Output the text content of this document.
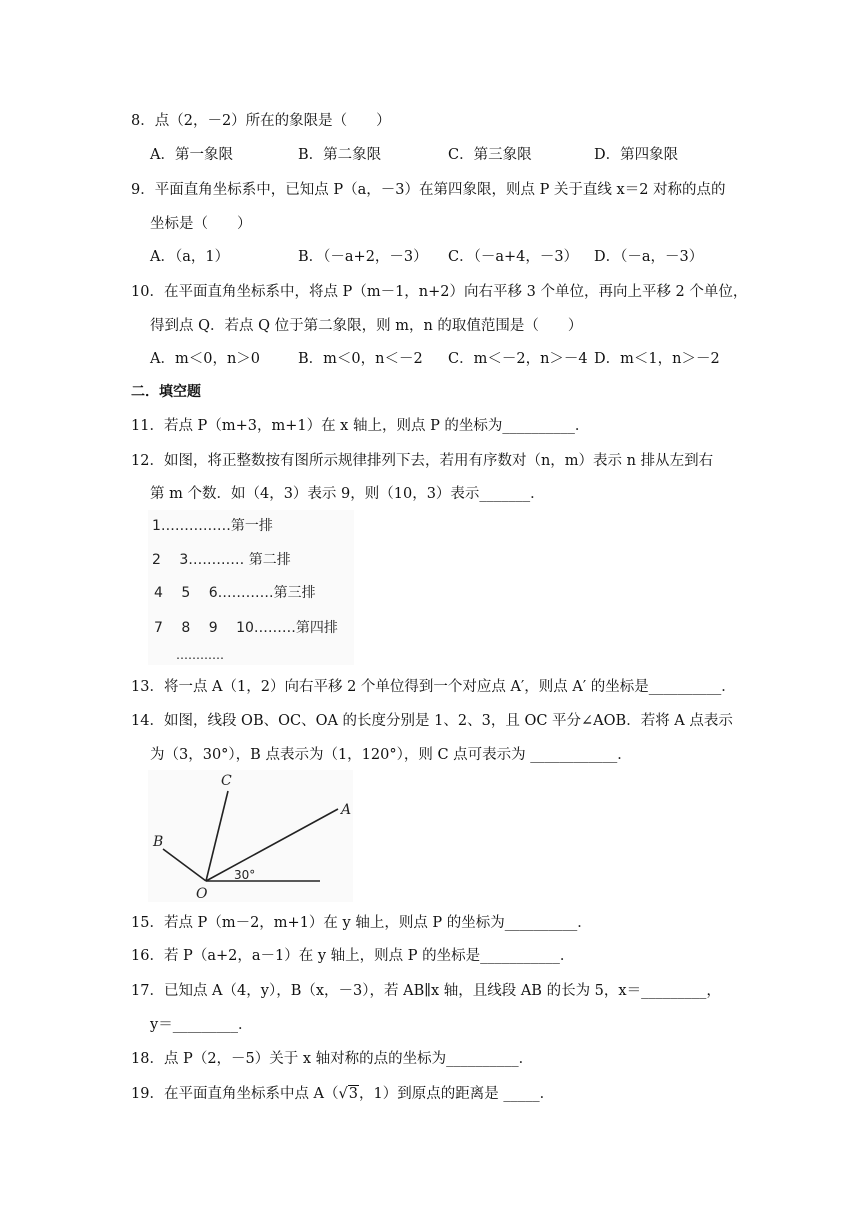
8．点（2，－2）所在的象限是（　　）
A．第一象限	B．第二象限	C．第三象限	D．第四象限
9．平面直角坐标系中，已知点 P（a，－3）在第四象限，则点 P 关于直线 x＝2 对称的点的
坐标是（　　）
A．（a，1）	B．（－a+2，－3） C．（－a+4，－3） D．（－a，－3）
10．在平面直角坐标系中，将点 P（m－1，n+2）向右平移 3 个单位，再向上平移 2 个单位，
得到点 Q．若点 Q 位于第二象限，则 m，n 的取值范围是（　　）
A．m＜0，n＞0	B．m＜0，n＜－2 C．m＜－2，n＞－4 D．m＜1，n＞－2
二．填空题
11．若点 P（m+3，m+1）在 x 轴上，则点 P 的坐标为__________．
12．如图，将正整数按有图所示规律排列下去，若用有序数对（n，m）表示 n 排从左到右
第 m 个数．如（4，3）表示 9，则（10，3）表示_______．
1……………第一排
2　 3………… 第二排
4　 5　 6…………第三排
7　 8　 9　 10………第四排
…………
13．将一点 A（1，2）向右平移 2 个单位得到一个对应点 A′，则点 A′ 的坐标是__________．
14．如图，线段 OB、OC、OA 的长度分别是 1、2、3，且 OC 平分∠AOB．若将 A 点表示
为（3，30°），B 点表示为（1，120°），则 C 点可表示为 ____________．
C
A
B
O
30°
15．若点 P（m－2，m+1）在 y 轴上，则点 P 的坐标为__________．
16．若 P（a+2，a－1）在 y 轴上，则点 P 的坐标是___________．
17．已知点 A（4，y），B（x，－3），若 AB∥x 轴，且线段 AB 的长为 5，x＝_________，
y＝_________．
18．点 P（2，－5）关于 x 轴对称的点的坐标为__________．
19．在平面直角坐标系中点 A（√3，1）到原点的距离是 _____．
